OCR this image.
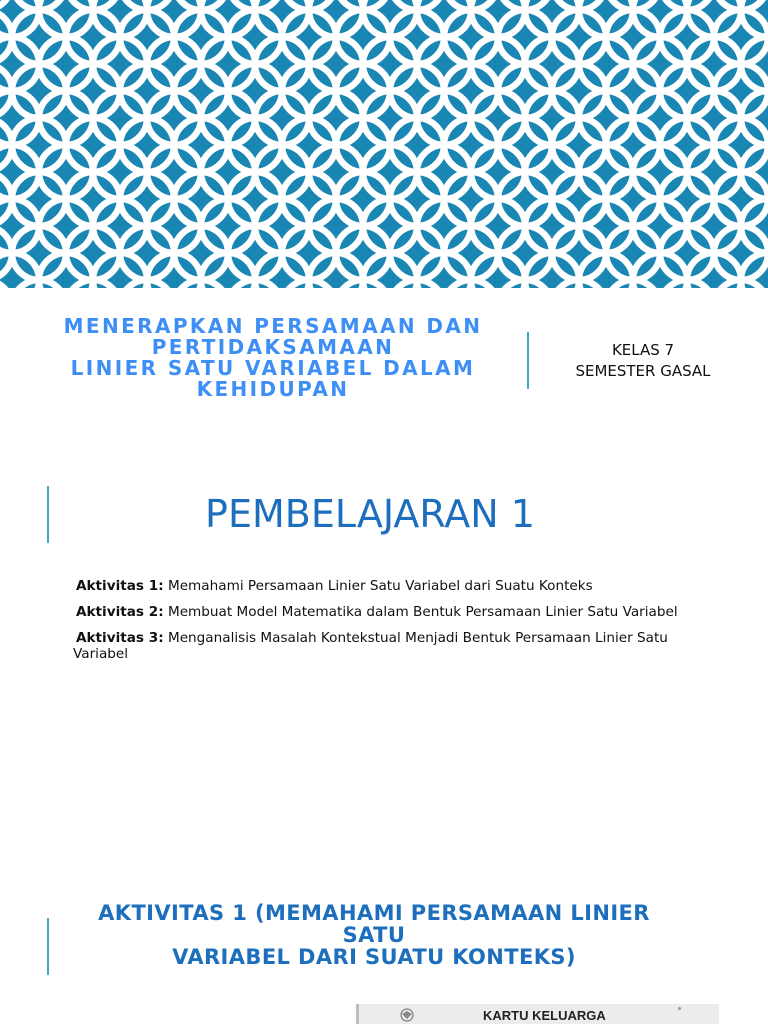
MENERAPKAN PERSAMAAN DAN
PERTIDAKSAMAAN
LINIER SATU VARIABEL DALAM
KEHIDUPAN
KELAS 7
SEMESTER GASAL
PEMBELAJARAN 1
Aktivitas 1: Memahami Persamaan Linier Satu Variabel dari Suatu Konteks
Aktivitas 2: Membuat Model Matematika dalam Bentuk Persamaan Linier Satu Variabel
Aktivitas 3: Menganalisis Masalah Kontekstual Menjadi Bentuk Persamaan Linier Satu Variabel
AKTIVITAS 1 (MEMAHAMI PERSAMAAN LINIER
SATU
VARIABEL DARI SUATU KONTEKS)
KARTU KELUARGA
